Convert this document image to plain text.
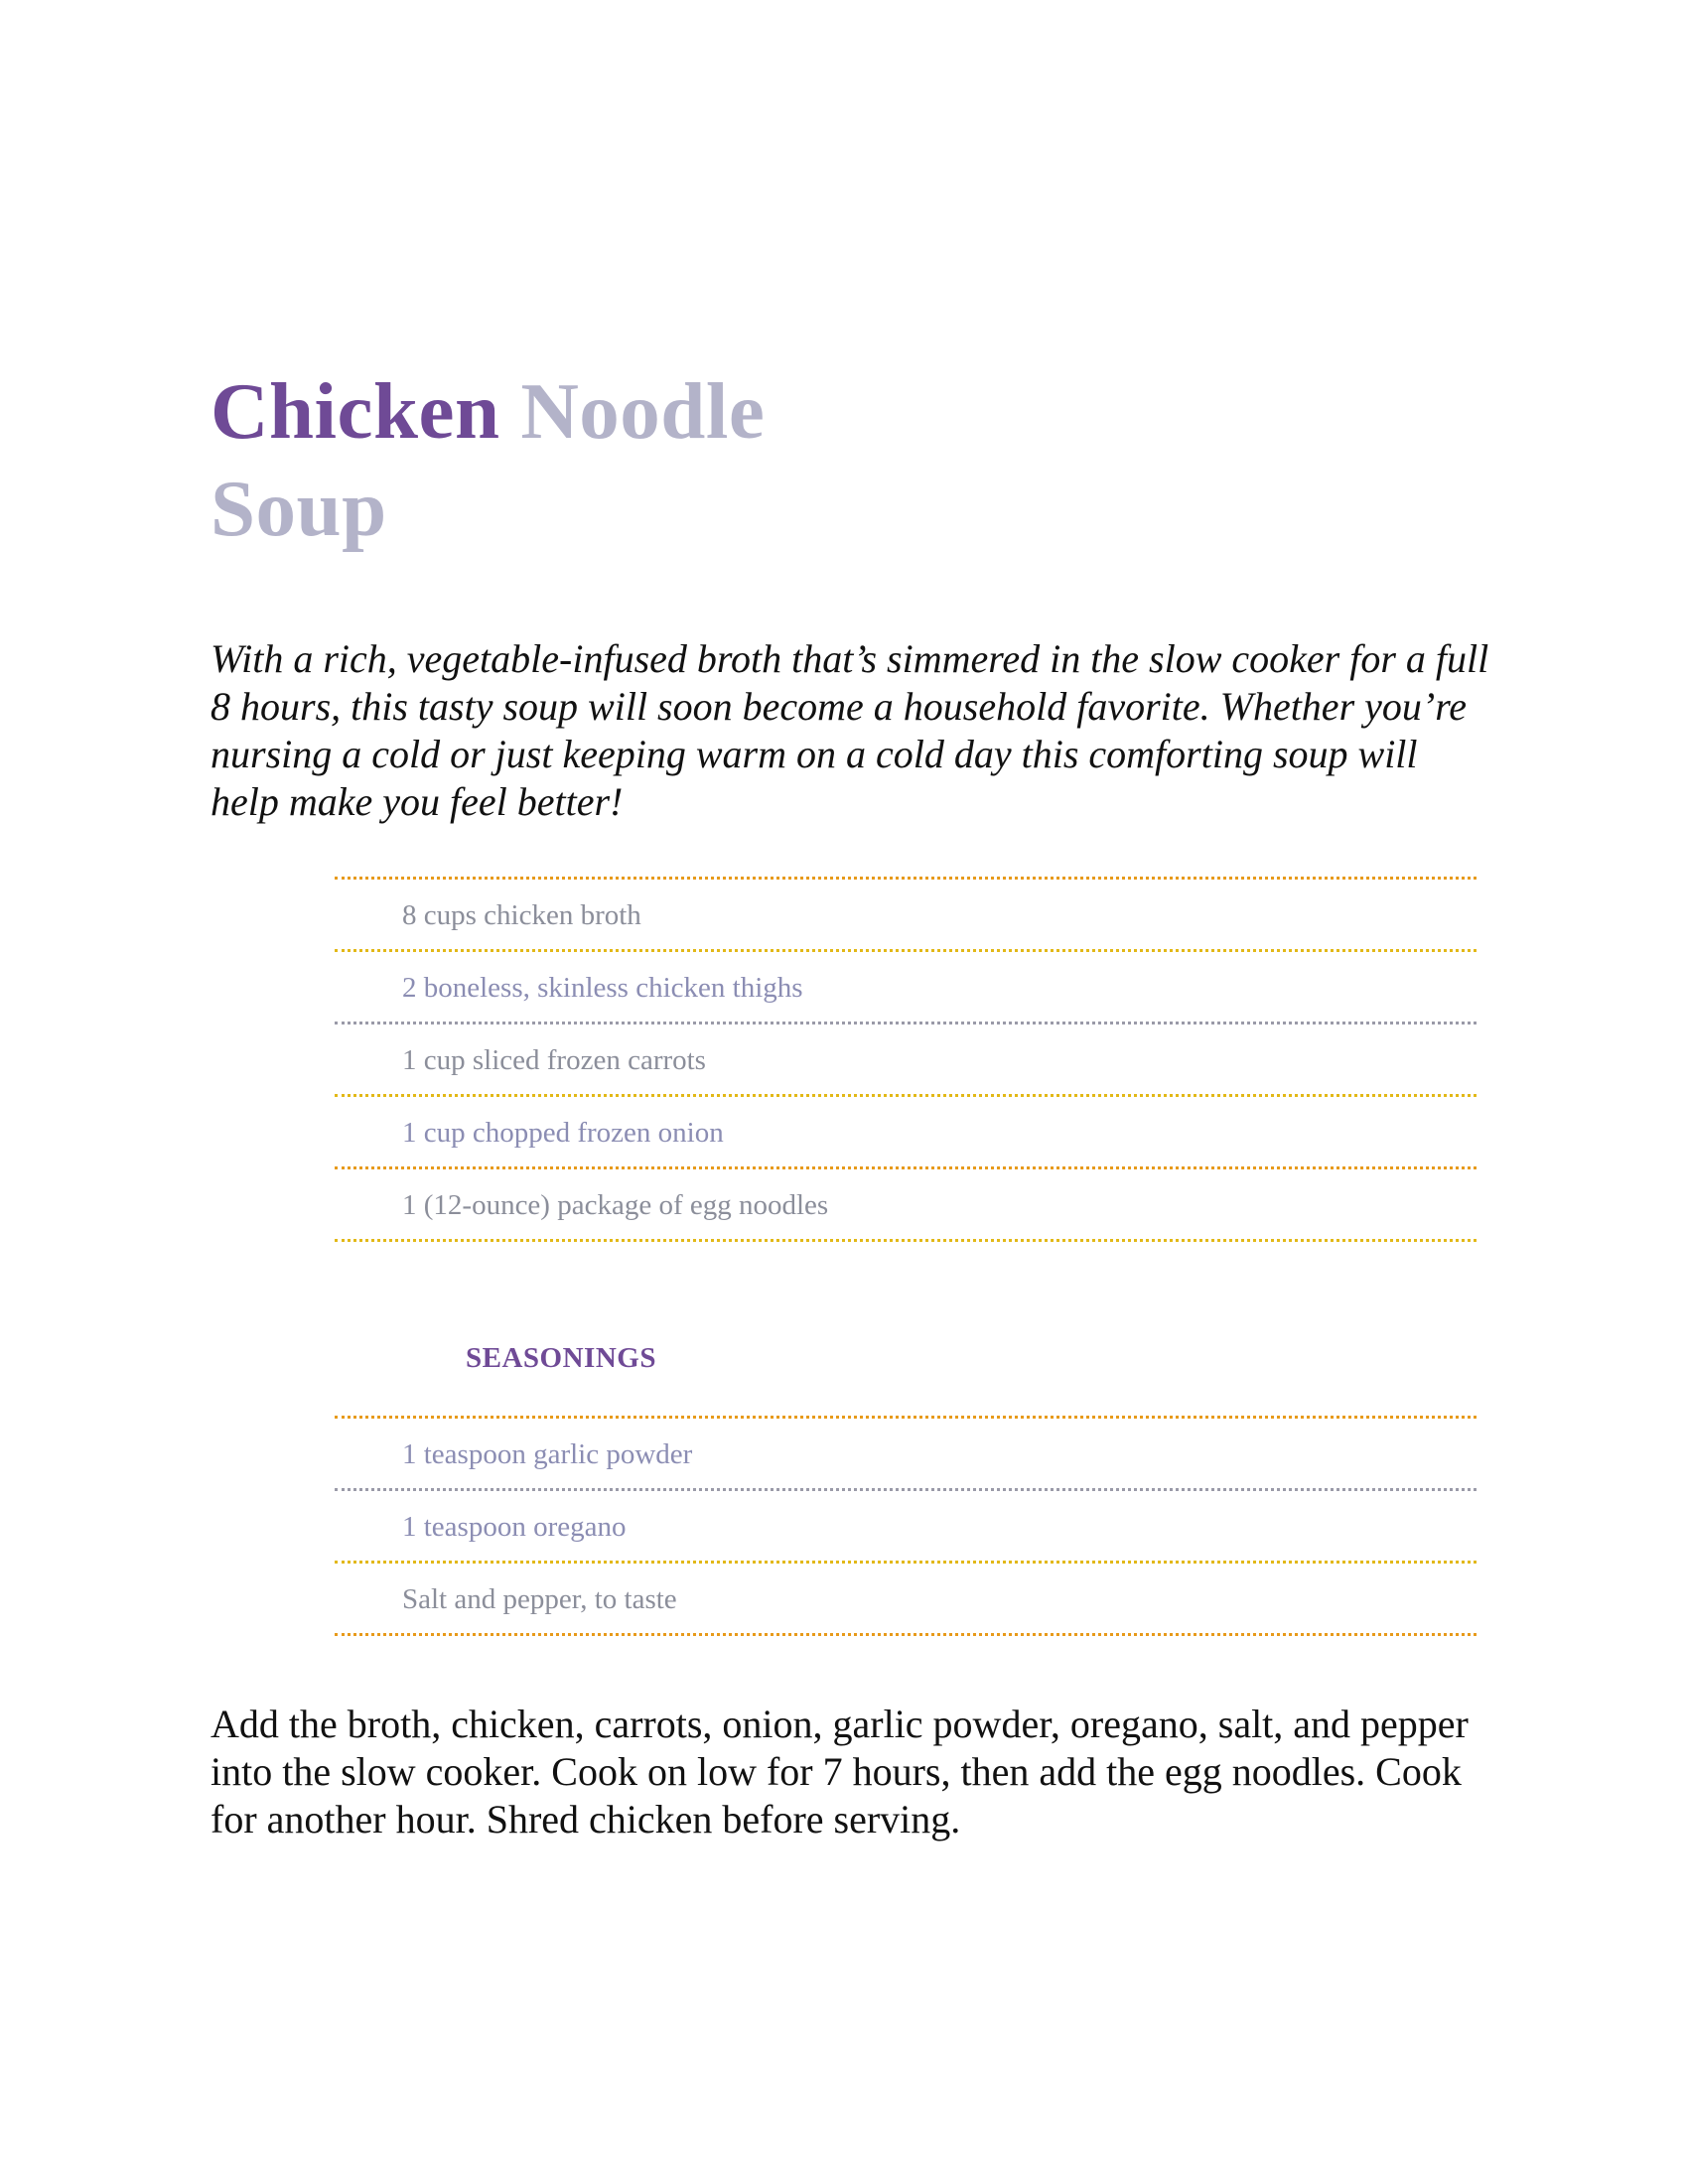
Chicken Noodle
Soup

With a rich, vegetable-infused broth that’s simmered in the slow cooker for a full 8 hours, this tasty soup will soon become a household favorite. Whether you’re nursing a cold or just keeping warm on a cold day this comforting soup will help make you feel better!

8 cups chicken broth
2 boneless, skinless chicken thighs
1 cup sliced frozen carrots
1 cup chopped frozen onion
1 (12-ounce) package of egg noodles
SEASONINGS
1 teaspoon garlic powder
1 teaspoon oregano
Salt and pepper, to taste

Add the broth, chicken, carrots, onion, garlic powder, oregano, salt, and pepper into the slow cooker. Cook on low for 7 hours, then add the egg noodles. Cook for another hour. Shred chicken before serving.
